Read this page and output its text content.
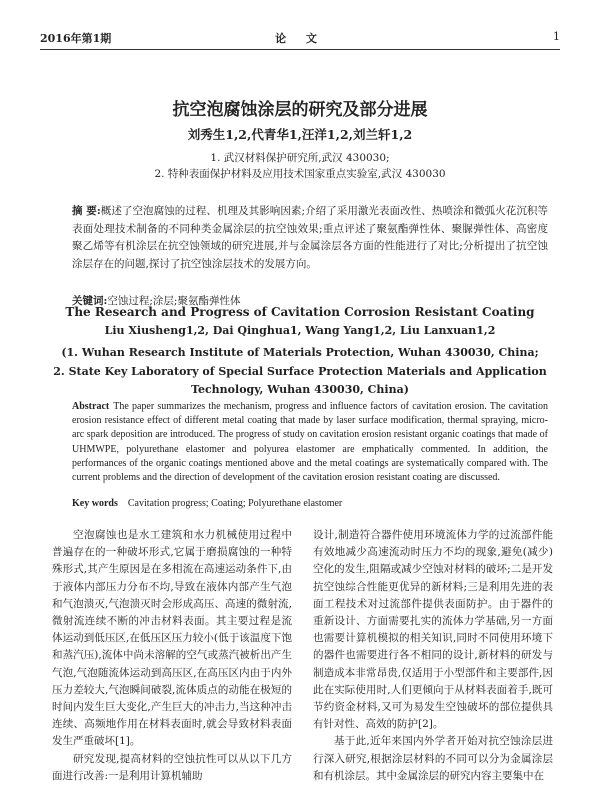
2016年第1期	论 文	1
抗空泡腐蚀涂层的研究及部分进展
刘秀生1,2,代青华1,汪洋1,2,刘兰轩1,2
1. 武汉材料保护研究所,武汉 430030;
2. 特种表面保护材料及应用技术国家重点实验室,武汉 430030
摘 要:概述了空泡腐蚀的过程、机理及其影响因素;介绍了采用激光表面改性、热喷涂和微弧火花沉积等表面处理技术制备的不同种类金属涂层的抗空蚀效果;重点评述了聚氨酯弹性体、聚脲弹性体、高密度聚乙烯等有机涂层在抗空蚀领域的研究进展,并与金属涂层各方面的性能进行了对比;分析提出了抗空蚀涂层存在的问题,探讨了抗空蚀涂层技术的发展方向。
关键词:空蚀过程;涂层;聚氨酯弹性体
The Research and Progress of Cavitation Corrosion Resistant Coating
Liu Xiusheng1,2, Dai Qinghua1, Wang Yang1,2, Liu Lanxuan1,2
(1. Wuhan Research Institute of Materials Protection, Wuhan 430030, China;
2. State Key Laboratory of Special Surface Protection Materials and Application
Technology, Wuhan 430030, China)
Abstract The paper summarizes the mechanism, progress and influence factors of cavitation erosion. The cavitation erosion resistance effect of different metal coating that made by laser surface modification, thermal spraying, micro-arc spark deposition are introduced. The progress of study on cavitation erosion resistant organic coatings that made of UHMWPE, polyurethane elastomer and polyurea elastomer are emphatically commented. In addition, the performances of the organic coatings mentioned above and the metal coatings are systematically compared with. The current problems and the direction of development of the cavitation erosion resistant coating are discussed.
Key words Cavitation progress; Coating; Polyurethane elastomer

空泡腐蚀也是水工建筑和水力机械使用过程中普遍存在的一种破坏形式,它属于磨损腐蚀的一种特殊形式,其产生原因是在多相流在高速运动条件下,由于液体内部压力分布不均,导致在液体内部产生气泡和气泡溃灭,气泡溃灭时会形成高压、高速的微射流,微射流连续不断的冲击材料表面。其主要过程是流体运动到低压区,在低压区压力较小(低于该温度下饱和蒸汽压),流体中尚未溶解的空气或蒸汽被析出产生气泡,气泡随流体运动到高压区,在高压区内由于内外压力差较大,气泡瞬间破裂,流体质点的动能在极短的时间内发生巨大变化,产生巨大的冲击力,当这种冲击连续、高频地作用在材料表面时,就会导致材料表面发生严重破坏[1]。

研究发现,提高材料的空蚀抗性可以从以下几方面进行改善:一是利用计算机辅助

设计,制造符合器件使用环境流体力学的过流部件能有效地减少高速流动时压力不均的现象,避免(减少)空化的发生,阻隔或减少空蚀对材料的破坏;二是开发抗空蚀综合性能更优异的新材料;三是利用先进的表面工程技术对过流部件提供表面防护。由于器件的重新设计、方面需要扎实的流体力学基础,另一方面也需要计算机模拟的相关知识,同时不同使用环境下的器件也需要进行各不相同的设计,新材料的研发与制造成本非常昂贵,仅适用于小型部件和主要部件,因此在实际使用时,人们更倾向于从材料表面着手,既可节约资金材料,又可为易发生空蚀破坏的部位提供具有针对性、高效的防护[2]。

基于此,近年来国内外学者开始对抗空蚀涂层进行深入研究,根据涂层材料的不同可以分为金属涂层和有机涂层。其中金属涂层的研究内容主要集中在
